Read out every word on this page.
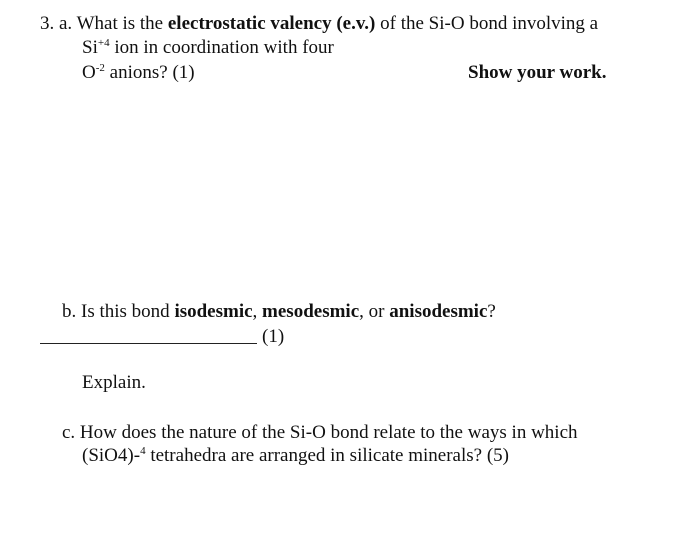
3. a. What is the electrostatic valency (e.v.) of the Si-O bond involving a
$Si^{+4}$ ion in coordination with four
$O^{-2}$ anions? (1)	Show your work.
b. Is this bond isodesmic, mesodesmic, or anisodesmic?
(1)
Explain.
c. How does the nature of the Si-O bond relate to the ways in which
(SiO4)-$^4$ tetrahedra are arranged in silicate minerals? (5)
